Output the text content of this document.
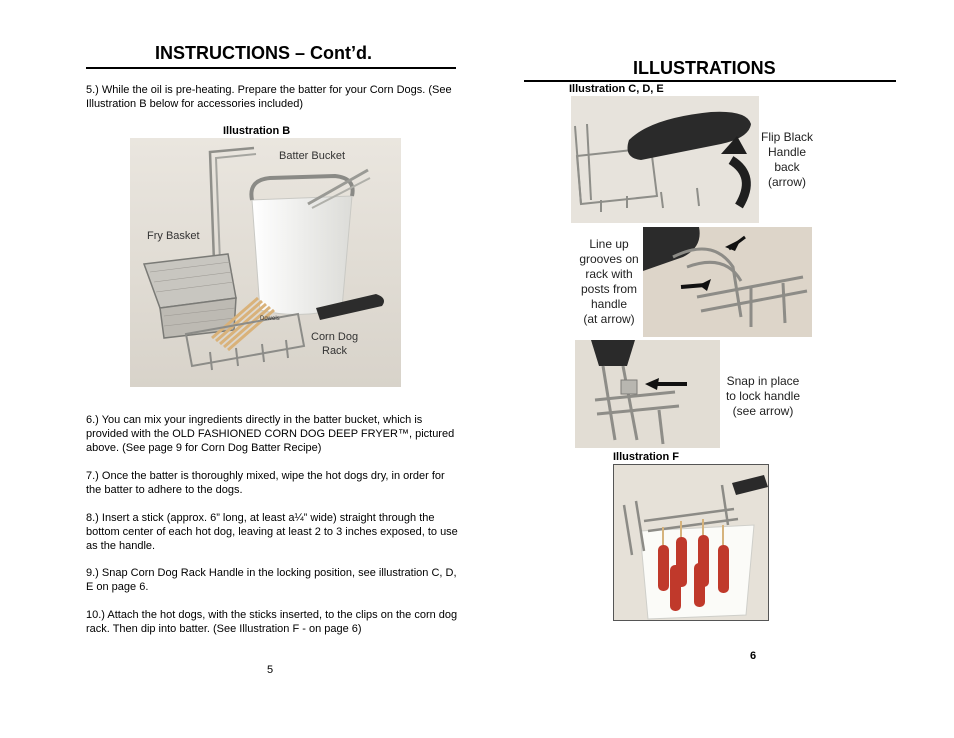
INSTRUCTIONS – Cont’d.
5.) While the oil is pre-heating. Prepare the batter for your Corn Dogs. (See Illustration B below for accessories included)
Illustration B
Batter Bucket
Fry Basket
Dowels
Corn Dog
Rack
6.) You can mix your ingredients directly in the batter bucket, which is provided with the OLD FASHIONED CORN DOG DEEP FRYER™, pictured above. (See page 9 for Corn Dog Batter Recipe)
7.) Once the batter is thoroughly mixed, wipe the hot dogs dry, in order for the batter to adhere to the dogs.
8.) Insert a stick (approx. 6” long, at least a¼” wide) straight through the bottom center of each hot dog, leaving at least 2 to 3 inches exposed, to use as the handle.
9.) Snap Corn Dog Rack Handle in the locking position, see illustration C, D, E on page 6.
10.) Attach the hot dogs, with the sticks inserted, to the clips on the corn dog rack. Then dip into batter. (See Illustration F - on page 6)
5
ILLUSTRATIONS
Illustration C, D, E
Flip Black
Handle
back
(arrow)
Line up
grooves on
rack with
posts from
handle
(at arrow)
Snap in place
to lock handle
(see arrow)
Illustration F
6
